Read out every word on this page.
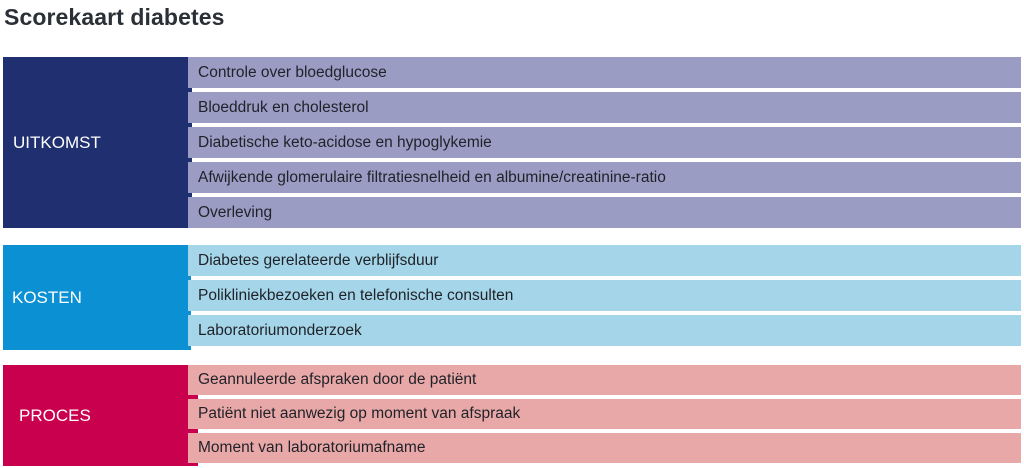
Scorekaart diabetes
UITKOMST
Controle over bloedglucose
Bloeddruk en cholesterol
Diabetische keto-acidose en hypoglykemie
Afwijkende glomerulaire filtratiesnelheid en albumine/creatinine-ratio
Overleving
KOSTEN
Diabetes gerelateerde verblijfsduur
Polikliniekbezoeken en telefonische consulten
Laboratoriumonderzoek
PROCES
Geannuleerde afspraken door de patiënt
Patiënt niet aanwezig op moment van afspraak
Moment van laboratoriumafname
